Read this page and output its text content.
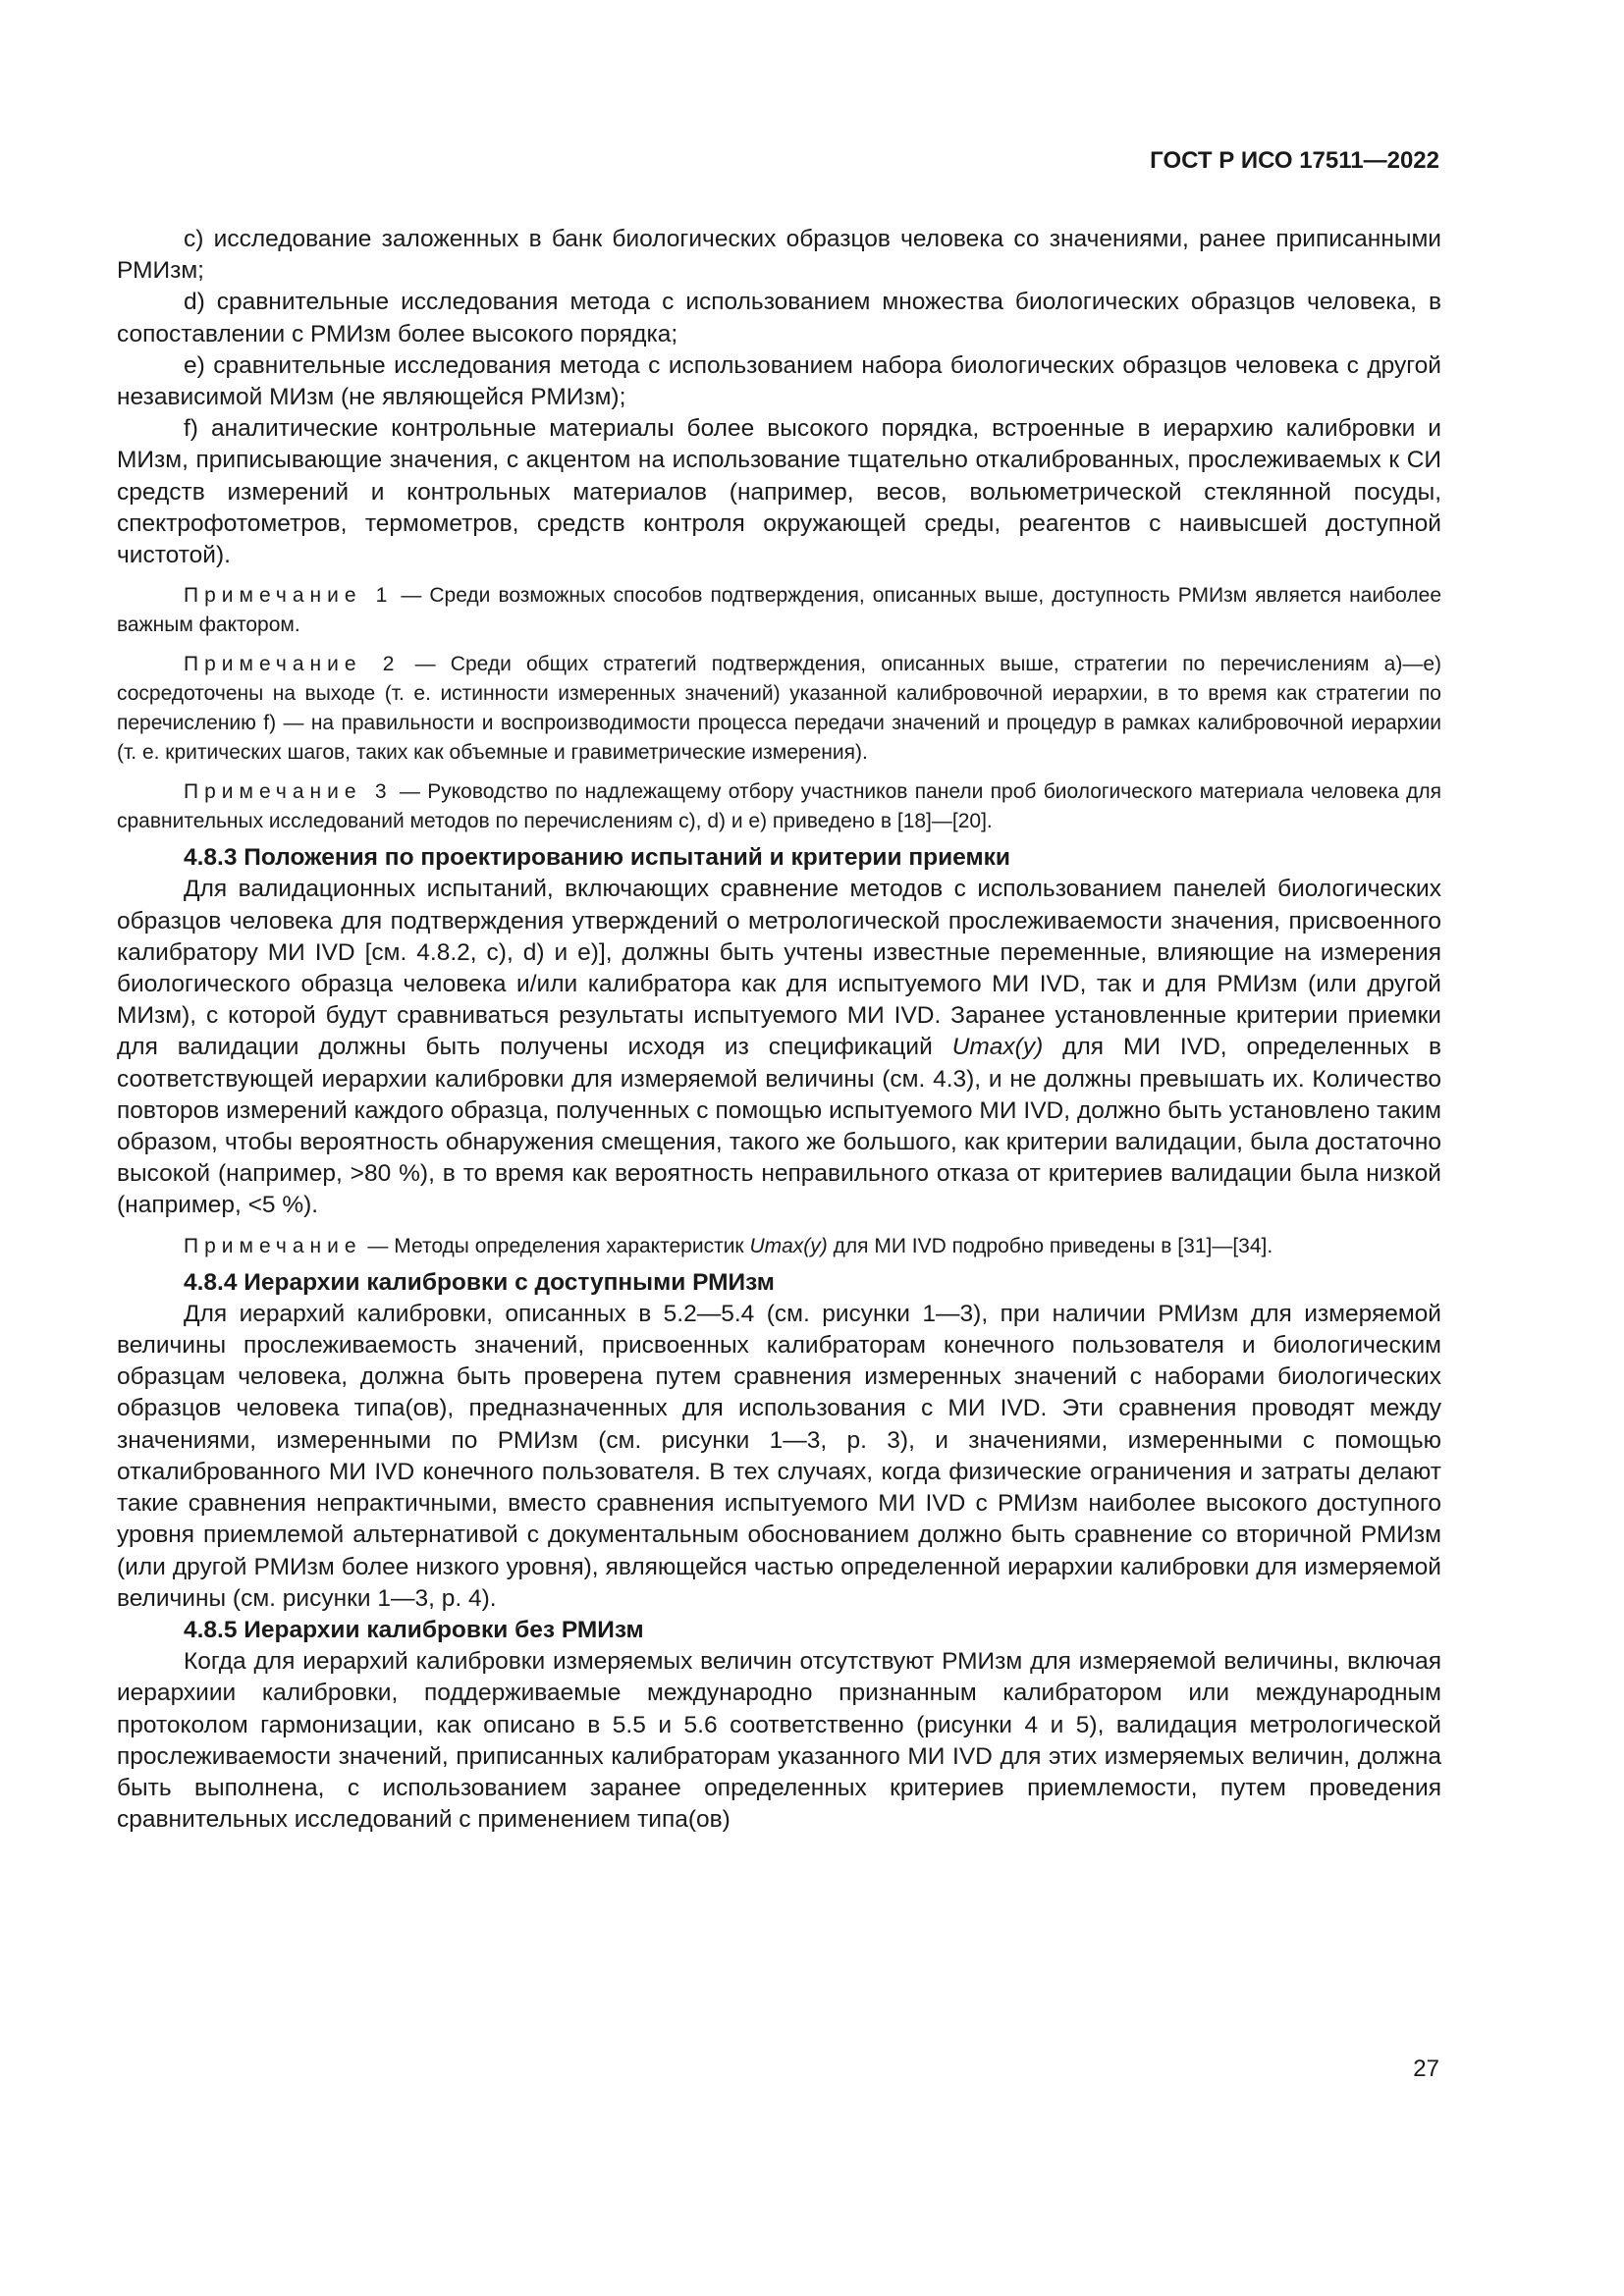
ГОСТ Р ИСО 17511—2022

c) исследование заложенных в банк биологических образцов человека со значениями, ранее приписанными РМИзм;

d) сравнительные исследования метода с использованием множества биологических образцов человека, в сопоставлении с РМИзм более высокого порядка;

e) сравнительные исследования метода с использованием набора биологических образцов человека с другой независимой МИзм (не являющейся РМИзм);

f) аналитические контрольные материалы более высокого порядка, встроенные в иерархию калибровки и МИзм, приписывающие значения, с акцентом на использование тщательно откалиброванных, прослеживаемых к СИ средств измерений и контрольных материалов (например, весов, вольюметрической стеклянной посуды, спектрофотометров, термометров, средств контроля окружающей среды, реагентов с наивысшей доступной чистотой).

Примечание 1 — Среди возможных способов подтверждения, описанных выше, доступность РМИзм является наиболее важным фактором.

Примечание 2 — Среди общих стратегий подтверждения, описанных выше, стратегии по перечислениям a)—e) сосредоточены на выходе (т. е. истинности измеренных значений) указанной калибровочной иерархии, в то время как стратегии по перечислению f) — на правильности и воспроизводимости процесса передачи значений и процедур в рамках калибровочной иерархии (т. е. критических шагов, таких как объемные и гравиметрические измерения).

Примечание 3 — Руководство по надлежащему отбору участников панели проб биологического материала человека для сравнительных исследований методов по перечислениям c), d) и e) приведено в [18]—[20].

4.8.3 Положения по проектированию испытаний и критерии приемки

Для валидационных испытаний, включающих сравнение методов с использованием панелей биологических образцов человека для подтверждения утверждений о метрологической прослеживаемости значения, присвоенного калибратору МИ IVD [см. 4.8.2, c), d) и e)], должны быть учтены известные переменные, влияющие на измерения биологического образца человека и/или калибратора как для испытуемого МИ IVD, так и для РМИзм (или другой МИзм), с которой будут сравниваться результаты испытуемого МИ IVD. Заранее установленные критерии приемки для валидации должны быть получены исходя из спецификаций Umax(y) для МИ IVD, определенных в соответствующей иерархии калибровки для измеряемой величины (см. 4.3), и не должны превышать их. Количество повторов измерений каждого образца, полученных с помощью испытуемого МИ IVD, должно быть установлено таким образом, чтобы вероятность обнаружения смещения, такого же большого, как критерии валидации, была достаточно высокой (например, >80 %), в то время как вероятность неправильного отказа от критериев валидации была низкой (например, <5 %).

Примечание — Методы определения характеристик Umax(y) для МИ IVD подробно приведены в [31]—[34].

4.8.4 Иерархии калибровки с доступными РМИзм

Для иерархий калибровки, описанных в 5.2—5.4 (см. рисунки 1—3), при наличии РМИзм для измеряемой величины прослеживаемость значений, присвоенных калибраторам конечного пользователя и биологическим образцам человека, должна быть проверена путем сравнения измеренных значений с наборами биологических образцов человека типа(ов), предназначенных для использования с МИ IVD. Эти сравнения проводят между значениями, измеренными по РМИзм (см. рисунки 1—3, р. 3), и значениями, измеренными с помощью откалиброванного МИ IVD конечного пользователя. В тех случаях, когда физические ограничения и затраты делают такие сравнения непрактичными, вместо сравнения испытуемого МИ IVD с РМИзм наиболее высокого доступного уровня приемлемой альтернативой с документальным обоснованием должно быть сравнение со вторичной РМИзм (или другой РМИзм более низкого уровня), являющейся частью определенной иерархии калибровки для измеряемой величины (см. рисунки 1—3, р. 4).

4.8.5 Иерархии калибровки без РМИзм

Когда для иерархий калибровки измеряемых величин отсутствуют РМИзм для измеряемой величины, включая иерархиии калибровки, поддерживаемые международно признанным калибратором или международным протоколом гармонизации, как описано в 5.5 и 5.6 соответственно (рисунки 4 и 5), валидация метрологической прослеживаемости значений, приписанных калибраторам указанного МИ IVD для этих измеряемых величин, должна быть выполнена, с использованием заранее определенных критериев приемлемости, путем проведения сравнительных исследований с применением типа(ов)

27
